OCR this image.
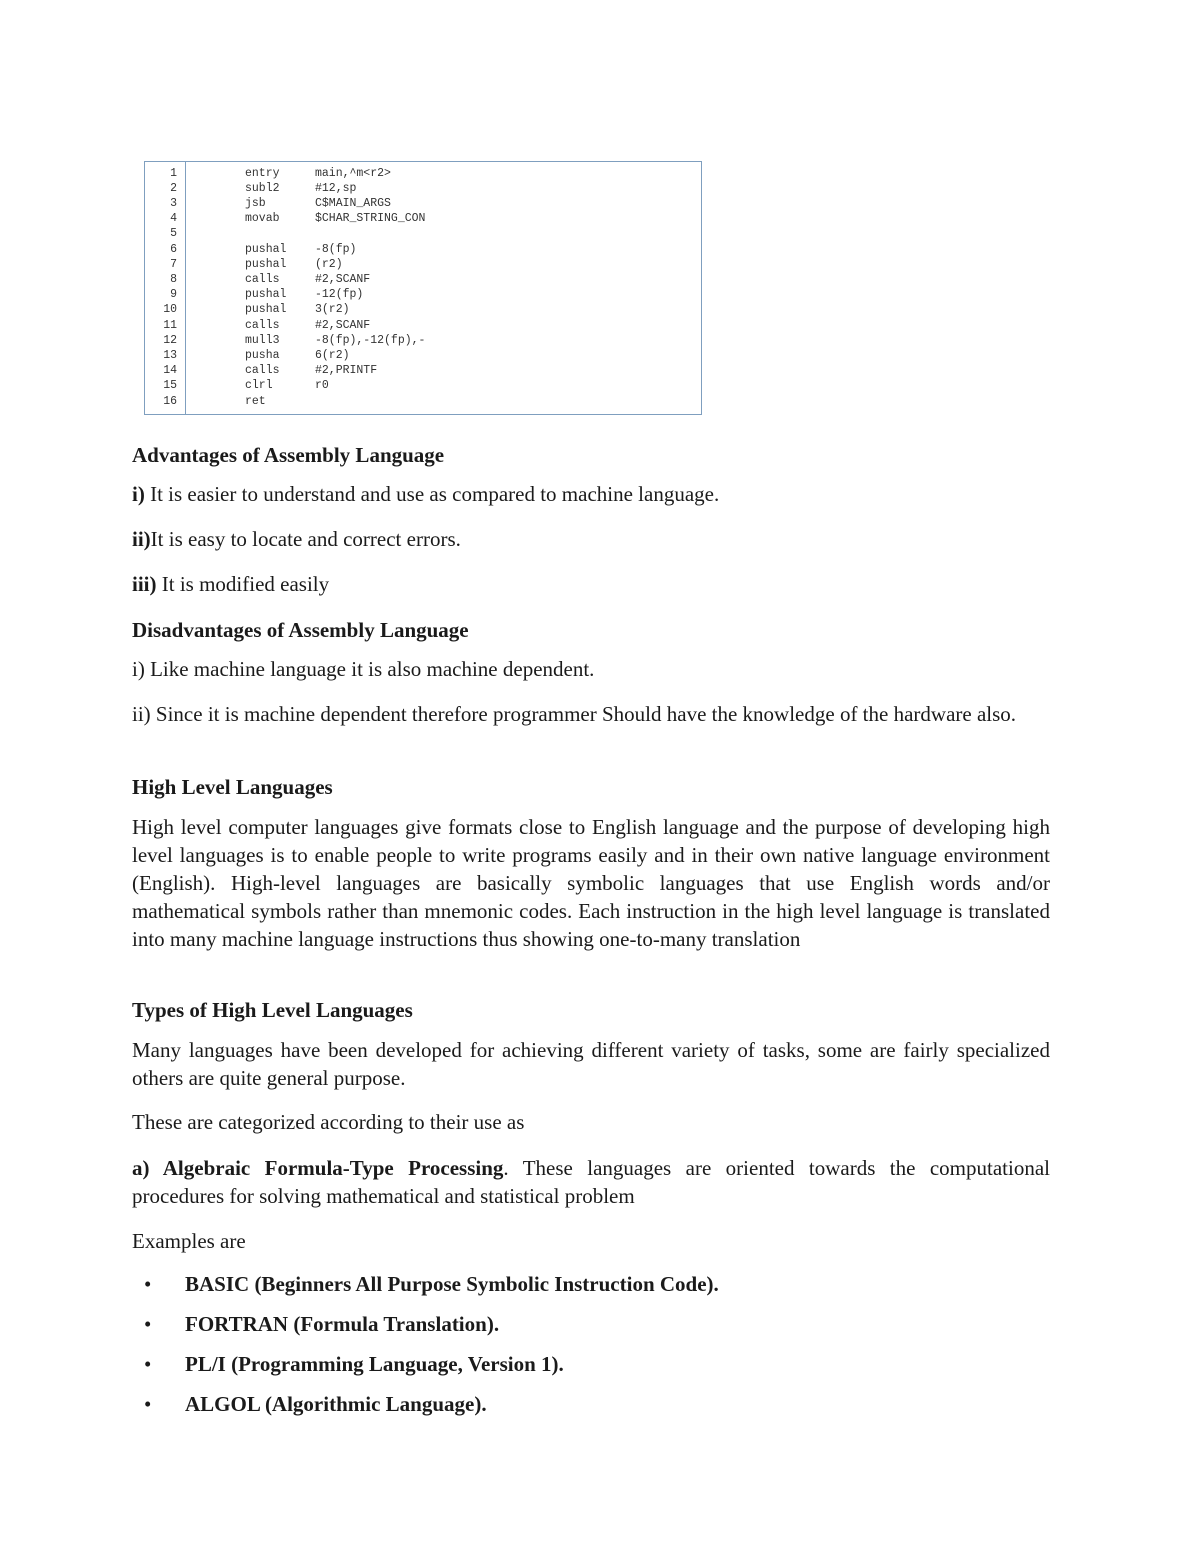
1	entry	main,^m<r2>
2	subl2	#12,sp
3	jsb	C$MAIN_ARGS
4	movab	$CHAR_STRING_CON
5
6	pushal -8(fp)
7	pushal (r2)
8	calls	#2,SCANF
9	pushal -12(fp)
10	pushal 3(r2)
11	calls	#2,SCANF
12	mull3	-8(fp),-12(fp),-
13	pusha	6(r2)
14	calls	#2,PRINTF
15	clrl	r0
16	ret

Advantages of Assembly Language

i) It is easier to understand and use as compared to machine language.

ii)It is easy to locate and correct errors.

iii) It is modified easily

Disadvantages of Assembly Language

i) Like machine language it is also machine dependent.

ii) Since it is machine dependent therefore programmer Should have the knowledge of the hardware also.

High Level Languages

High level computer languages give formats close to English language and the purpose of developing high level languages is to enable people to write programs easily and in their own native language environment (English). High-level languages are basically symbolic languages that use English words and/or mathematical symbols rather than mnemonic codes. Each instruction in the high level language is translated into many machine language instructions thus showing one-to-many translation

Types of High Level Languages

Many languages have been developed for achieving different variety of tasks, some are fairly specialized others are quite general purpose.

These are categorized according to their use as

a) Algebraic Formula-Type Processing. These languages are oriented towards the computational procedures for solving mathematical and statistical problem

Examples are

• BASIC (Beginners All Purpose Symbolic Instruction Code).
• FORTRAN (Formula Translation).
• PL/I (Programming Language, Version 1).
• ALGOL (Algorithmic Language).
